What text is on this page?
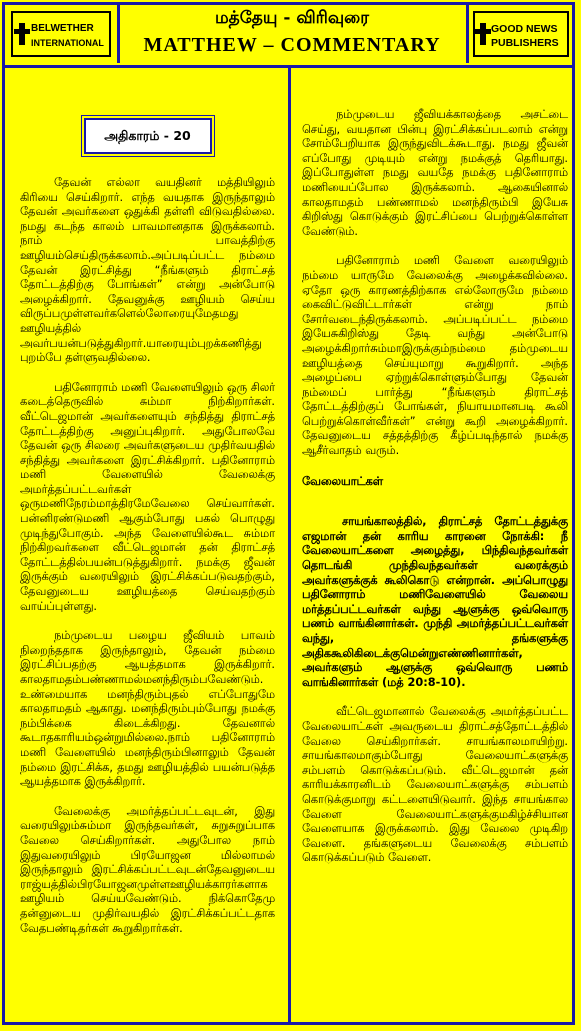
BELWETHER
INTERNATIONAL
மத்தேயு - விரிவுரை
MATTHEW – COMMENTARY
GOOD NEWS
PUBLISHERS
அதிகாரம் - 20

தேவன் எல்லா வயதினர் மத்தியிலும் கிரியை செய்கிறார். எந்த வயதாக இருந்தாலும் தேவன் அவர்களை ஒதுக்கி தள்ளி விடுவதில்லை. நமது கடந்த காலம் பாவமானதாக இருக்கலாம். நாம் பாவத்திற்கு ஊழியம்செய்திருக்கலாம்.அப்படிப்பட்ட நம்மை தேவன் இரட்சித்து “நீங்களும் திராட்சத் தோட்டத்திற்கு போங்கள்” என்று அன்போடு அழைக்கிறார். தேவனுக்கு ஊழியம் செய்ய விருப்பமுள்ளவர்களெல்லோரையுமேதமது ஊழியத்தில் அவர்பயன்படுத்துகிறார்.யாரையும்புறக்கணித்து புறம்பே தள்ளுவதில்லை.

பதினோராம் மணி வேளையிலும் ஒரு சிலர் கடைத்தெருவில் சும்மா நிற்கிறார்கள். வீட்டெஜமான் அவர்களையும் சந்தித்து திராட்சத் தோட்டத்திற்கு அனுப்புகிறார். அதுபோலவே தேவன் ஒரு சிலரை அவர்களுடைய முதிர்வயதில் சந்தித்து அவர்களை இரட்சிக்கிறார். பதினோராம் மணி வேளையில் வேலைக்கு அமர்த்தப்பட்டவர்கள் ஒருமணிநேரம்மாத்திரமேவேலை செய்வார்கள். பன்னிரண்டுமணி ஆகும்போது பகல் பொழுது முடிந்துபோகும். அந்த வேளையில்கூட சும்மா நிற்கிறவர்களை வீட்டெஜமான் தன் திராட்சத் தோட்டத்தில்பயன்படுத்துகிறார். நமக்கு ஜீவன் இருக்கும் வரையிலும் இரட்சிக்கப்படுவதற்கும், தேவனுடைய ஊழியத்தை செய்வதற்கும் வாய்ப்புள்ளது.

நம்முடைய பழைய ஜீவியம் பாவம் நிறைந்ததாக இருந்தாலும், தேவன் நம்மை இரட்சிப்பதற்கு ஆயத்தமாக இருக்கிறார். காலதாமதம்பண்ணாமல்மனந்திரும்பவேண்டும். உண்மையாக மனந்திரும்புதல் எப்போதுமே காலதாமதம் ஆகாது. மனந்திரும்பும்போது நமக்கு நம்பிக்கை கிடைக்கிறது. தேவனால் கூடாதகாரியம்ஒன்றுமில்லை.நாம் பதினோராம் மணி வேளையில் மனந்திரும்பினாலும் தேவன் நம்மை இரட்சிக்க, தமது ஊழியத்தில் பயன்படுத்த ஆயத்தமாக இருக்கிறார்.

வேலைக்கு அமர்த்தப்பட்டவுடன், இது வரையிலும்சும்மா இருந்தவர்கள், சுறுசுறுப்பாக வேலை செய்கிறார்கள். அதுபோல நாம் இதுவரையிலும் பிரயோஜன மில்லாமல் இருந்தாலும் இரட்சிக்கப்பட்டவுடன்தேவனுடைய ராஜ்யத்தில்பிரயோஜனமுள்ளஊழியக்காரர்களாக ஊழியம் செய்யவேண்டும். நிக்கொதேமு தன்னுடைய முதிர்வயதில் இரட்சிக்கப்பட்டதாக வேதபண்டிதர்கள் கூறுகிறார்கள்.

நம்முடைய ஜீவியக்காலத்தை அசட்டை செய்து, வயதான பின்பு இரட்சிக்கப்படலாம் என்று சோம்பேறியாக இருந்துவிடக்கூடாது. நமது ஜீவன் எப்போது முடியும் என்று நமக்குத் தெரியாது. இப்போதுள்ள நமது வயதே நமக்கு பதினோராம் மணியைப்போல இருக்கலாம். ஆகையினால் காலதாமதம் பண்ணாமல் மனந்திரும்பி இயேசு கிறிஸ்து கொடுக்கும் இரட்சிப்பை பெற்றுக்கொள்ள வேண்டும்.

பதினோராம் மணி வேளை வரையிலும் நம்மை யாருமே வேலைக்கு அழைக்கவில்லை. ஏதோ ஒரு காரணத்திற்காக எல்லோருமே நம்மை கைவிட்டுவிட்டார்கள் என்று நாம் சோர்வடைந்திருக்கலாம். அப்படிப்பட்ட நம்மை இயேசுகிறிஸ்து தேடி வந்து அன்போடு அழைக்கிறார்சும்மாஇருக்கும்நம்மை தம்முடைய ஊழியத்தை செய்யுமாறு கூறுகிறார். அந்த அழைப்பை ஏற்றுக்கொள்ளும்போது தேவன் நம்மைப் பார்த்து “நீங்களும் திராட்சத் தோட்டத்திற்குப் போங்கள், நியாயமானபடி கூலி பெற்றுக்கொள்வீர்கள்” என்று கூறி அழைக்கிறார். தேவனுடைய சத்தத்திற்கு கீழ்ப்படிந்தால் நமக்கு ஆசீர்வாதம் வரும்.

வேலையாட்கள்

சாயங்காலத்தில், திராட்சத் தோட்டத்துக்கு எஜமான் தன் காரிய காரனை நோக்கி: நீ வேலையாட்களை அழைத்து, பிந்திவந்தவர்கள் தொடங்கி முந்திவந்தவர்கள் வரைக்கும் அவர்களுக்குக் கூலிகொடு என்றான். அப்பொழுது பதினோராம் மணிவேளையில் வேலைய மர்த்தப்பட்டவர்கள் வந்து ஆளுக்கு ஒவ்வொரு பணம் வாங்கினார்கள். முந்தி அமர்த்தப்பட்டவர்கள் வந்து, தங்களுக்கு அதிககூலிகிடைக்குமென்றுஎண்ணினார்கள், அவர்களும் ஆளுக்கு ஒவ்வொரு பணம் வாங்கினார்கள் (மத் 20:8-10).

வீட்டெஜமானால் வேலைக்கு அமர்த்தப்பட்ட வேலையாட்கள் அவருடைய திராட்சத்தோட்டத்தில் வேலை செய்கிறார்கள். சாயங்காலமாயிற்று. சாயங்காலமாகும்போது வேலையாட்களுக்கு சம்பளம் கொடுக்கப்படும். வீட்டெஜமான் தன் காரியக்காரனிடம் வேலையாட்களுக்கு சம்பளம் கொடுக்குமாறு கட்டளையிடுவார். இந்த சாயங்கால வேளை வேலையாட்களுக்குமகிழ்ச்சியான வேளையாக இருக்கலாம். இது வேலை முடிகிற வேளை. தங்களுடைய வேலைக்கு சம்பளம் கொடுக்கப்படும் வேளை.
